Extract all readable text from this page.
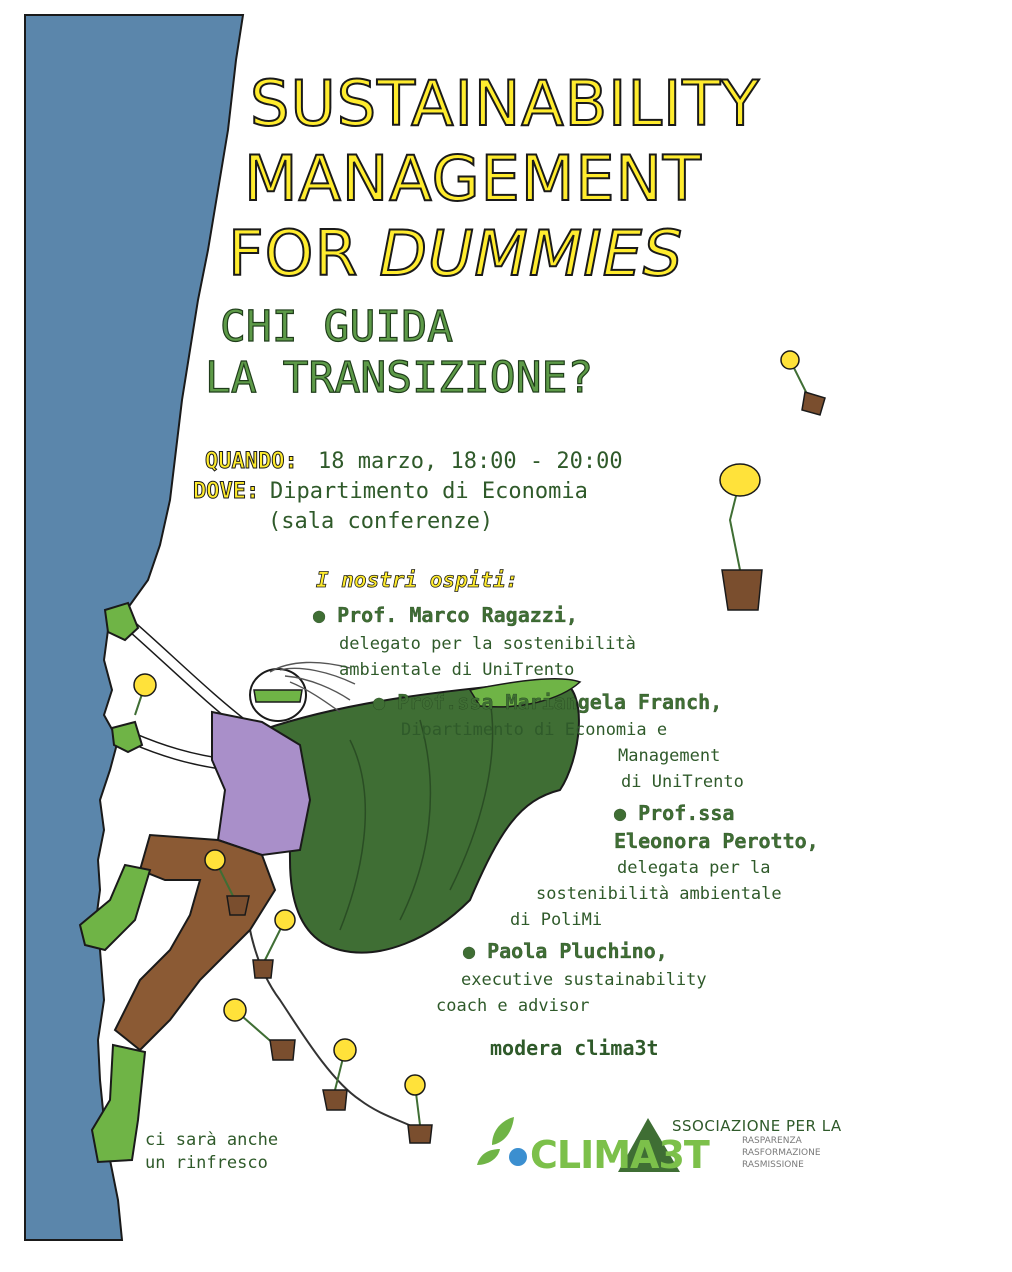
SUSTAINABILITY
MANAGEMENT
FOR DUMMIES
CHI GUIDA
LA TRANSIZIONE?
QUANDO: 18 marzo, 18:00 - 20:00
DOVE: Dipartimento di Economia
(sala conferenze)
I nostri ospiti:
● Prof. Marco Ragazzi,
delegato per la sostenibilità
ambientale di UniTrento
● Prof.ssa Mariangela Franch,
Dipartimento di Economia e
Management
di UniTrento
● Prof.ssa
Eleonora Perotto,
delegata per la
sostenibilità ambientale
di PoliMi
● Paola Pluchino,
executive sustainability
coach e advisor
modera clima3t
ci sarà anche
un rinfresco	CLIMA3T
SSOCIAZIONE PER LA
RASPARENZA
RASFORMAZIONE
RASMISSIONE
